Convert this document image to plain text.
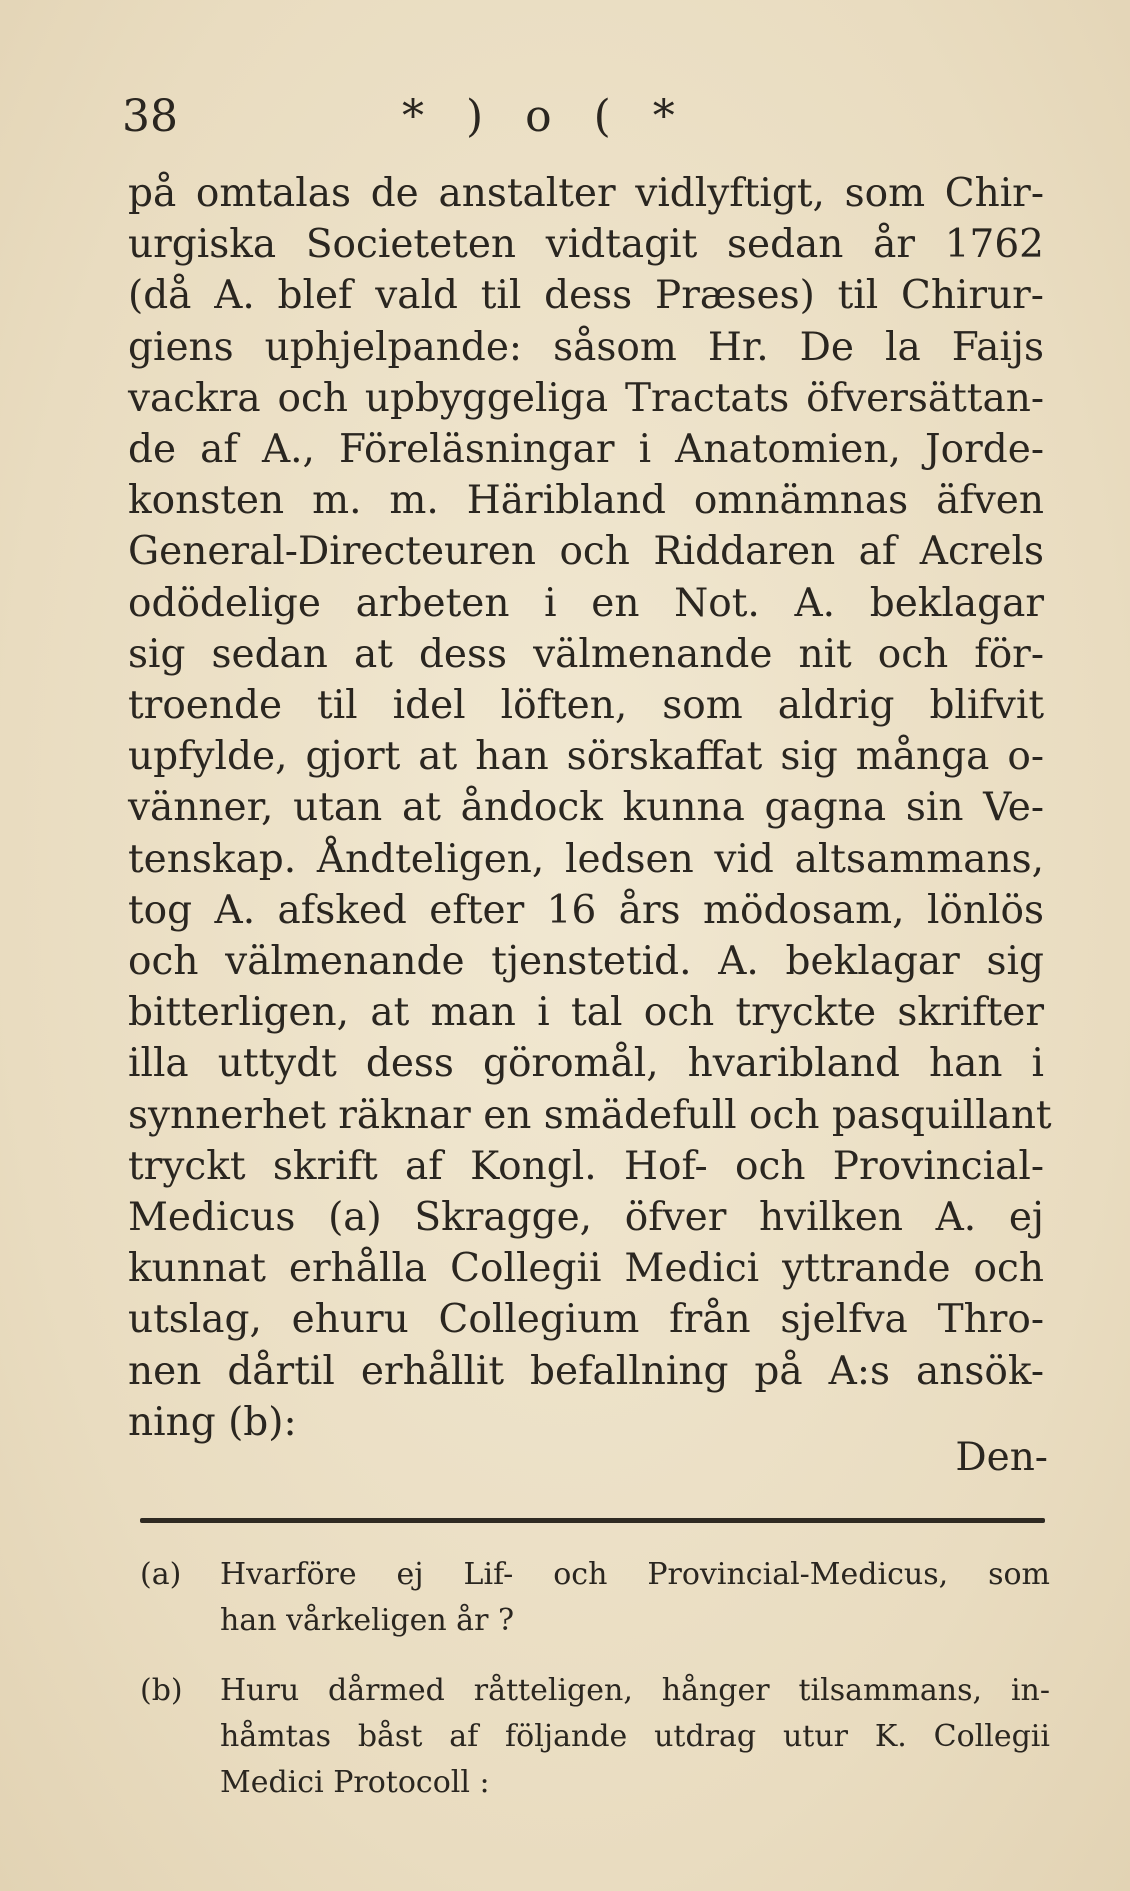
38	* ) o ( *
på omtalas de anstalter vidlyftigt, som Chir-
urgiska Societeten vidtagit sedan år 1762
(då A. blef vald til dess Præses) til Chirur-
giens uphjelpande: såsom Hr. De la Faijs
vackra och upbyggeliga Tractats öfversättan-
de af A., Föreläsningar i Anatomien, Jorde-
konsten m. m. Häribland omnämnas äfven
General-Directeuren och Riddaren af Acrels
odödelige arbeten i en Not. A. beklagar
sig sedan at dess välmenande nit och för-
troende til idel löften, som aldrig blifvit
upfylde, gjort at han sörskaffat sig många o-
vänner, utan at åndock kunna gagna sin Ve-
tenskap. Åndteligen, ledsen vid altsammans,
tog A. afsked efter 16 års mödosam, lönlös
och välmenande tjenstetid. A. beklagar sig
bitterligen, at man i tal och tryckte skrifter
illa uttydt dess göromål, hvaribland han i
synnerhet räknar en smädefull och pasquillant
tryckt skrift af Kongl. Hof- och Provincial-
Medicus (a) Skragge, öfver hvilken A. ej
kunnat erhålla Collegii Medici yttrande och
utslag, ehuru Collegium från sjelfva Thro-
nen dårtil erhållit befallning på A:s ansök-
ning (b):
Den-
(a)	Hvarföre ej Lif- och Provincial-Medicus, som
han vårkeligen år ?
(b)	Huru dårmed råtteligen, hånger tilsammans, in-
håmtas båst af följande utdrag utur K. Collegii
Medici Protocoll :
